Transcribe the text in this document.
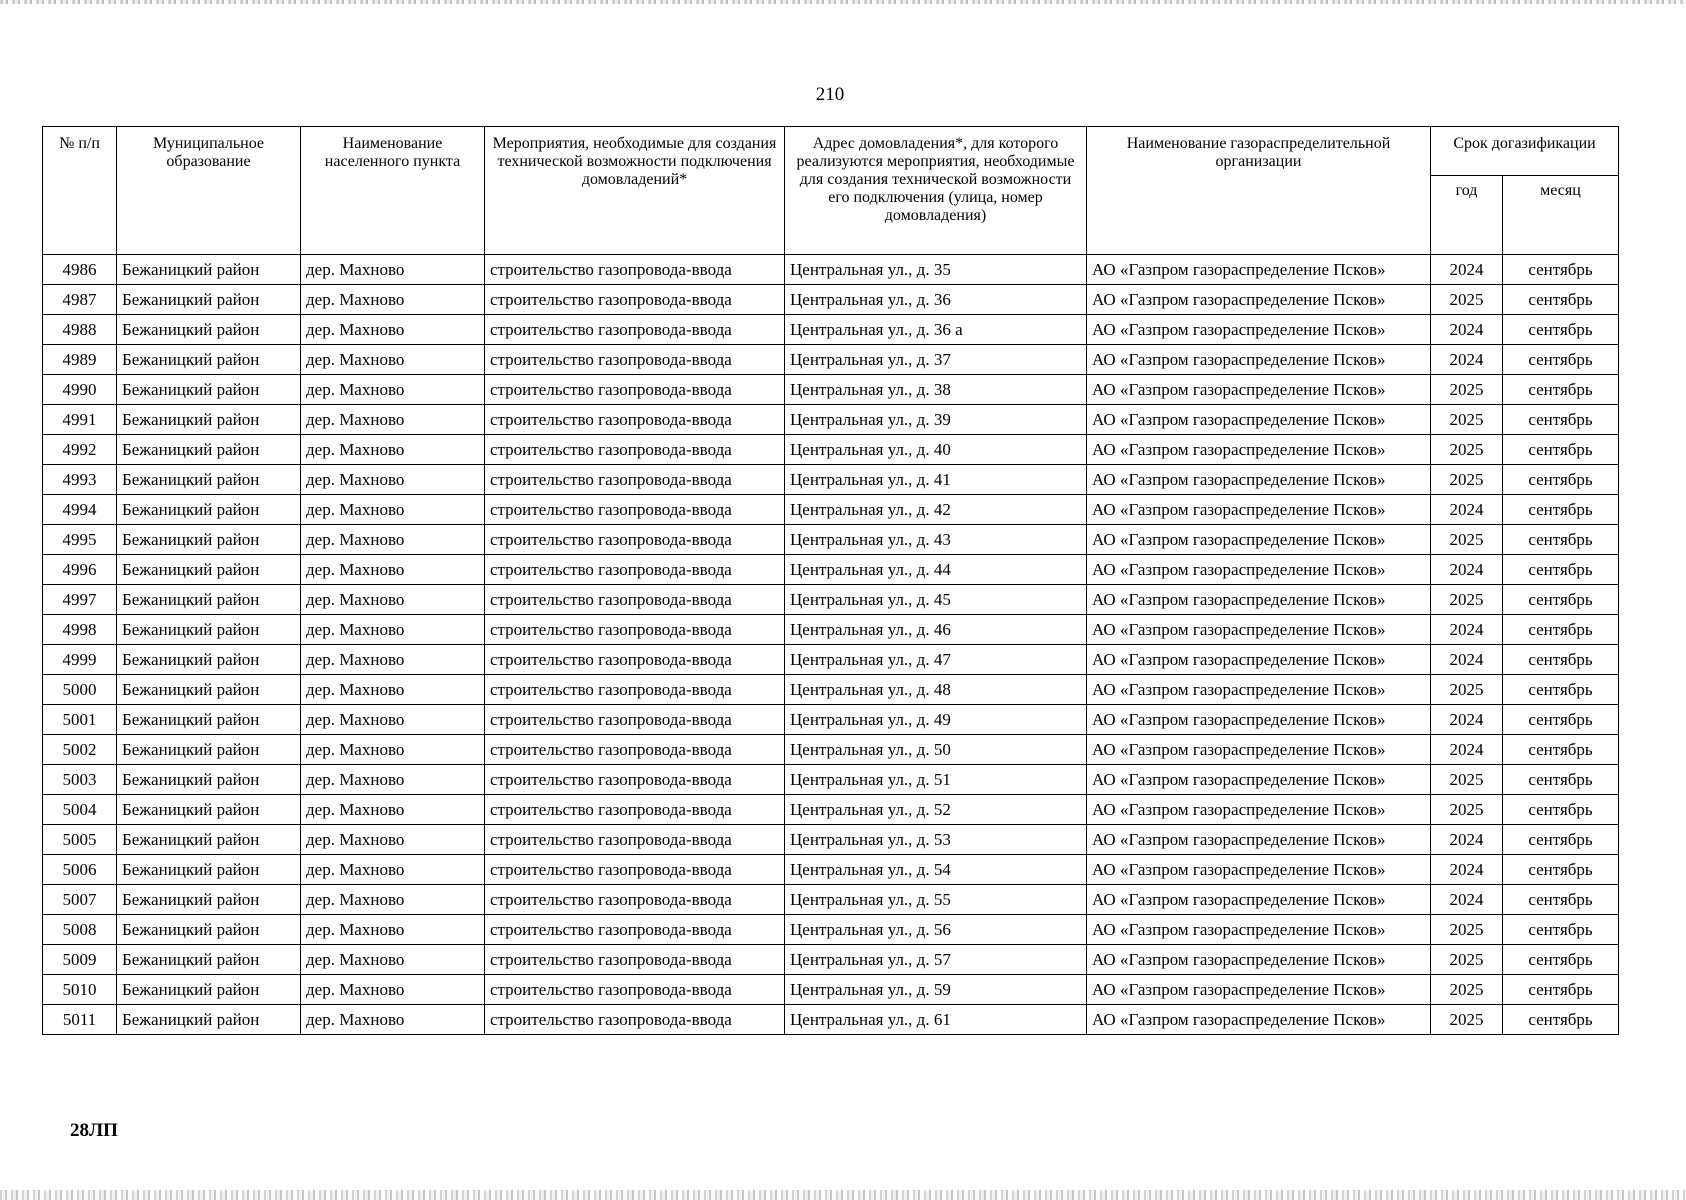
210
№ п/п	Муниципальное образование	Наименование населенного пункта	Мероприятия, необходимые для создания технической возможности подключения домовладений*	Адрес домовладения*, для которого реализуются мероприятия, необходимые для создания технической возможности его подключения (улица, номер домовладения)	Наименование газораспределительной организации	Срок догазификации	
						год	месяц
4986	Бежаницкий район	дер. Махново	строительство газопровода-ввода	Центральная ул., д. 35	АО «Газпром газораспределение Псков»	2024	сентябрь
4987	Бежаницкий район	дер. Махново	строительство газопровода-ввода	Центральная ул., д. 36	АО «Газпром газораспределение Псков»	2025	сентябрь
4988	Бежаницкий район	дер. Махново	строительство газопровода-ввода	Центральная ул., д. 36 а	АО «Газпром газораспределение Псков»	2024	сентябрь
4989	Бежаницкий район	дер. Махново	строительство газопровода-ввода	Центральная ул., д. 37	АО «Газпром газораспределение Псков»	2024	сентябрь
4990	Бежаницкий район	дер. Махново	строительство газопровода-ввода	Центральная ул., д. 38	АО «Газпром газораспределение Псков»	2025	сентябрь
4991	Бежаницкий район	дер. Махново	строительство газопровода-ввода	Центральная ул., д. 39	АО «Газпром газораспределение Псков»	2025	сентябрь
4992	Бежаницкий район	дер. Махново	строительство газопровода-ввода	Центральная ул., д. 40	АО «Газпром газораспределение Псков»	2025	сентябрь
4993	Бежаницкий район	дер. Махново	строительство газопровода-ввода	Центральная ул., д. 41	АО «Газпром газораспределение Псков»	2025	сентябрь
4994	Бежаницкий район	дер. Махново	строительство газопровода-ввода	Центральная ул., д. 42	АО «Газпром газораспределение Псков»	2024	сентябрь
4995	Бежаницкий район	дер. Махново	строительство газопровода-ввода	Центральная ул., д. 43	АО «Газпром газораспределение Псков»	2025	сентябрь
4996	Бежаницкий район	дер. Махново	строительство газопровода-ввода	Центральная ул., д. 44	АО «Газпром газораспределение Псков»	2024	сентябрь
4997	Бежаницкий район	дер. Махново	строительство газопровода-ввода	Центральная ул., д. 45	АО «Газпром газораспределение Псков»	2025	сентябрь
4998	Бежаницкий район	дер. Махново	строительство газопровода-ввода	Центральная ул., д. 46	АО «Газпром газораспределение Псков»	2024	сентябрь
4999	Бежаницкий район	дер. Махново	строительство газопровода-ввода	Центральная ул., д. 47	АО «Газпром газораспределение Псков»	2024	сентябрь
5000	Бежаницкий район	дер. Махново	строительство газопровода-ввода	Центральная ул., д. 48	АО «Газпром газораспределение Псков»	2025	сентябрь
5001	Бежаницкий район	дер. Махново	строительство газопровода-ввода	Центральная ул., д. 49	АО «Газпром газораспределение Псков»	2024	сентябрь
5002	Бежаницкий район	дер. Махново	строительство газопровода-ввода	Центральная ул., д. 50	АО «Газпром газораспределение Псков»	2024	сентябрь
5003	Бежаницкий район	дер. Махново	строительство газопровода-ввода	Центральная ул., д. 51	АО «Газпром газораспределение Псков»	2025	сентябрь
5004	Бежаницкий район	дер. Махново	строительство газопровода-ввода	Центральная ул., д. 52	АО «Газпром газораспределение Псков»	2025	сентябрь
5005	Бежаницкий район	дер. Махново	строительство газопровода-ввода	Центральная ул., д. 53	АО «Газпром газораспределение Псков»	2024	сентябрь
5006	Бежаницкий район	дер. Махново	строительство газопровода-ввода	Центральная ул., д. 54	АО «Газпром газораспределение Псков»	2024	сентябрь
5007	Бежаницкий район	дер. Махново	строительство газопровода-ввода	Центральная ул., д. 55	АО «Газпром газораспределение Псков»	2024	сентябрь
5008	Бежаницкий район	дер. Махново	строительство газопровода-ввода	Центральная ул., д. 56	АО «Газпром газораспределение Псков»	2025	сентябрь
5009	Бежаницкий район	дер. Махново	строительство газопровода-ввода	Центральная ул., д. 57	АО «Газпром газораспределение Псков»	2025	сентябрь
5010	Бежаницкий район	дер. Махново	строительство газопровода-ввода	Центральная ул., д. 59	АО «Газпром газораспределение Псков»	2025	сентябрь
5011	Бежаницкий район	дер. Махново	строительство газопровода-ввода	Центральная ул., д. 61	АО «Газпром газораспределение Псков»	2025	сентябрь
28ЛП
